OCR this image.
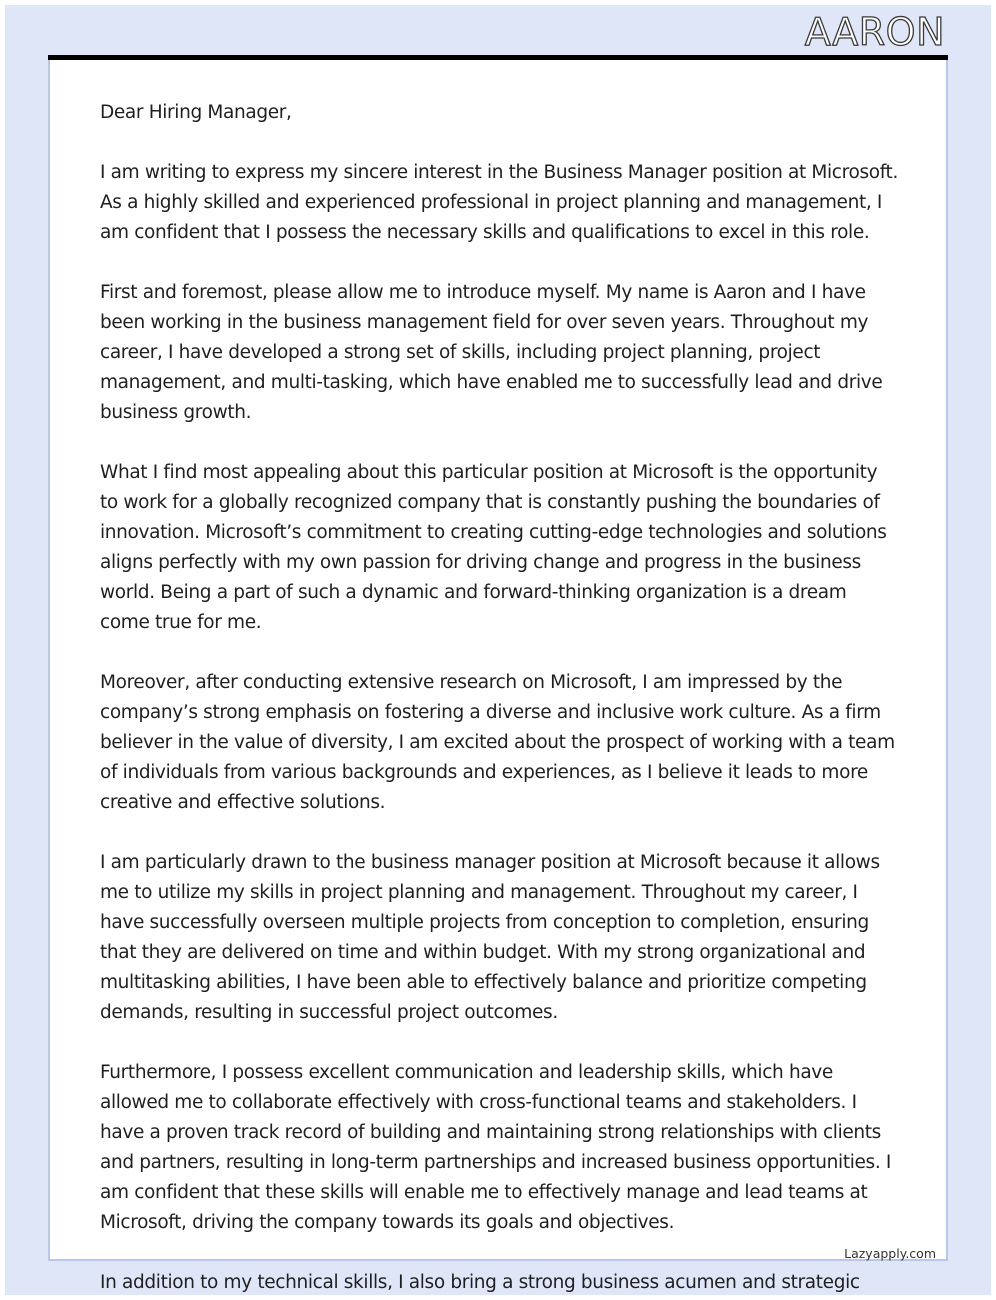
AARON

Dear Hiring Manager,

I am writing to express my sincere interest in the Business Manager position at Microsoft. As a highly skilled and experienced professional in project planning and management, I am confident that I possess the necessary skills and qualifications to excel in this role.

First and foremost, please allow me to introduce myself. My name is Aaron and I have been working in the business management field for over seven years. Throughout my career, I have developed a strong set of skills, including project planning, project management, and multi-tasking, which have enabled me to successfully lead and drive business growth.

What I find most appealing about this particular position at Microsoft is the opportunity to work for a globally recognized company that is constantly pushing the boundaries of innovation. Microsoft’s commitment to creating cutting-edge technologies and solutions aligns perfectly with my own passion for driving change and progress in the business world. Being a part of such a dynamic and forward-thinking organization is a dream come true for me.

Moreover, after conducting extensive research on Microsoft, I am impressed by the company’s strong emphasis on fostering a diverse and inclusive work culture. As a firm believer in the value of diversity, I am excited about the prospect of working with a team of individuals from various backgrounds and experiences, as I believe it leads to more creative and effective solutions.

I am particularly drawn to the business manager position at Microsoft because it allows me to utilize my skills in project planning and management. Throughout my career, I have successfully overseen multiple projects from conception to completion, ensuring that they are delivered on time and within budget. With my strong organizational and multitasking abilities, I have been able to effectively balance and prioritize competing demands, resulting in successful project outcomes.

Furthermore, I possess excellent communication and leadership skills, which have allowed me to collaborate effectively with cross-functional teams and stakeholders. I have a proven track record of building and maintaining strong relationships with clients and partners, resulting in long-term partnerships and increased business opportunities. I am confident that these skills will enable me to effectively manage and lead teams at Microsoft, driving the company towards its goals and objectives.

In addition to my technical skills, I also bring a strong business acumen and strategic

Lazyapply.com
